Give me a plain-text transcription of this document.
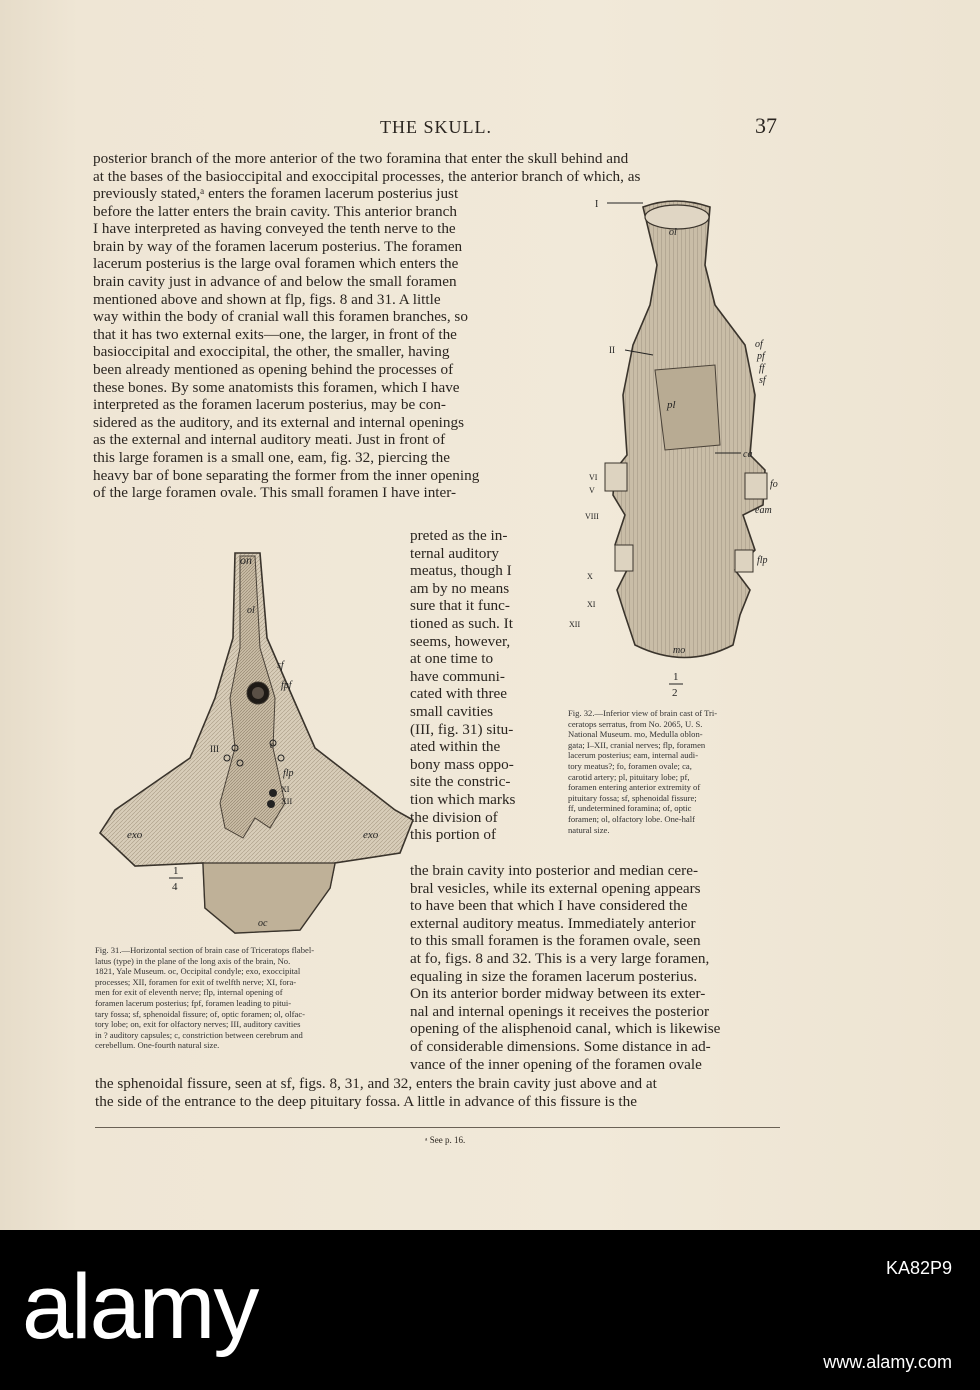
THE SKULL.	37
posterior branch of the more anterior of the two foramina that enter the skull behind and
at the bases of the basioccipital and exoccipital processes, the anterior branch of which, as
previously stated,ᵃ enters the foramen lacerum posterius just
before the latter enters the brain cavity. This anterior branch
I have interpreted as having conveyed the tenth nerve to the
brain by way of the foramen lacerum posterius. The foramen
lacerum posterius is the large oval foramen which enters the
brain cavity just in advance of and below the small foramen
mentioned above and shown at flp, figs. 8 and 31. A little
way within the body of cranial wall this foramen branches, so
that it has two external exits—one, the larger, in front of the
basioccipital and exoccipital, the other, the smaller, having
been already mentioned as opening behind the processes of
these bones. By some anatomists this foramen, which I have
interpreted as the foramen lacerum posterius, may be con-
sidered as the auditory, and its external and internal openings
as the external and internal auditory meati. Just in front of
this large foramen is a small one, eam, fig. 32, piercing the
heavy bar of bone separating the former from the inner opening
of the large foramen ovale. This small foramen I have inter-
preted as the in-
ternal auditory
meatus, though I
am by no means
sure that it func-
tioned as such. It
seems, however,
at one time to
have communi-
cated with three
small cavities
(III, fig. 31) situ-
ated within the
bony mass oppo-
site the constric-
tion which marks
the division of
this portion of
the brain cavity into posterior and median cere-
bral vesicles, while its external opening appears
to have been that which I have considered the
external auditory meatus. Immediately anterior
to this small foramen is the foramen ovale, seen
at fo, figs. 8 and 32. This is a very large foramen,
equaling in size the foramen lacerum posterius.
On its anterior border midway between its exter-
nal and internal openings it receives the posterior
opening of the alisphenoid canal, which is likewise
of considerable dimensions. Some distance in ad-
vance of the inner opening of the foramen ovale
the sphenoidal fissure, seen at sf, figs. 8, 31, and 32, enters the brain cavity just above and at
the side of the entrance to the deep pituitary fossa. A little in advance of this fissure is the
on
ol
sf
fpf
c
flp
XI
XII
III
exo	exo
oc
1
4
Fig. 31.—Horizontal section of brain case of Triceratops flabel-
latus (type) in the plane of the long axis of the brain, No.
1821, Yale Museum. oc, Occipital condyle; exo, exoccipital
processes; XII, foramen for exit of twelfth nerve; XI, fora-
men for exit of eleventh nerve; flp, internal opening of
foramen lacerum posterius; fpf, foramen leading to pitui-
tary fossa; sf, sphenoidal fissure; of, optic foramen; ol, olfac-
tory lobe; on, exit for olfactory nerves; III, auditory cavities
in ? auditory capsules; c, constriction between cerebrum and
cerebellum. One-fourth natural size.
I
ol
II	of
pf
ff
sf
pl
ca
VI
V
fo
VIII
eam
flp
X
XI
XII
mo
1
2
Fig. 32.—Inferior view of brain cast of Tri-
ceratops serratus, from No. 2065, U. S.
National Museum. mo, Medulla oblon-
gata; I–XII, cranial nerves; flp, foramen
lacerum posterius; eam, internal audi-
tory meatus?; fo, foramen ovale; ca,
carotid artery; pl, pituitary lobe; pf,
foramen entering anterior extremity of
pituitary fossa; sf, sphenoidal fissure;
ff, undetermined foramina; of, optic
foramen; ol, olfactory lobe. One-half
natural size.
ᵃ See p. 16.
alamy	KA82P9
www.alamy.com
